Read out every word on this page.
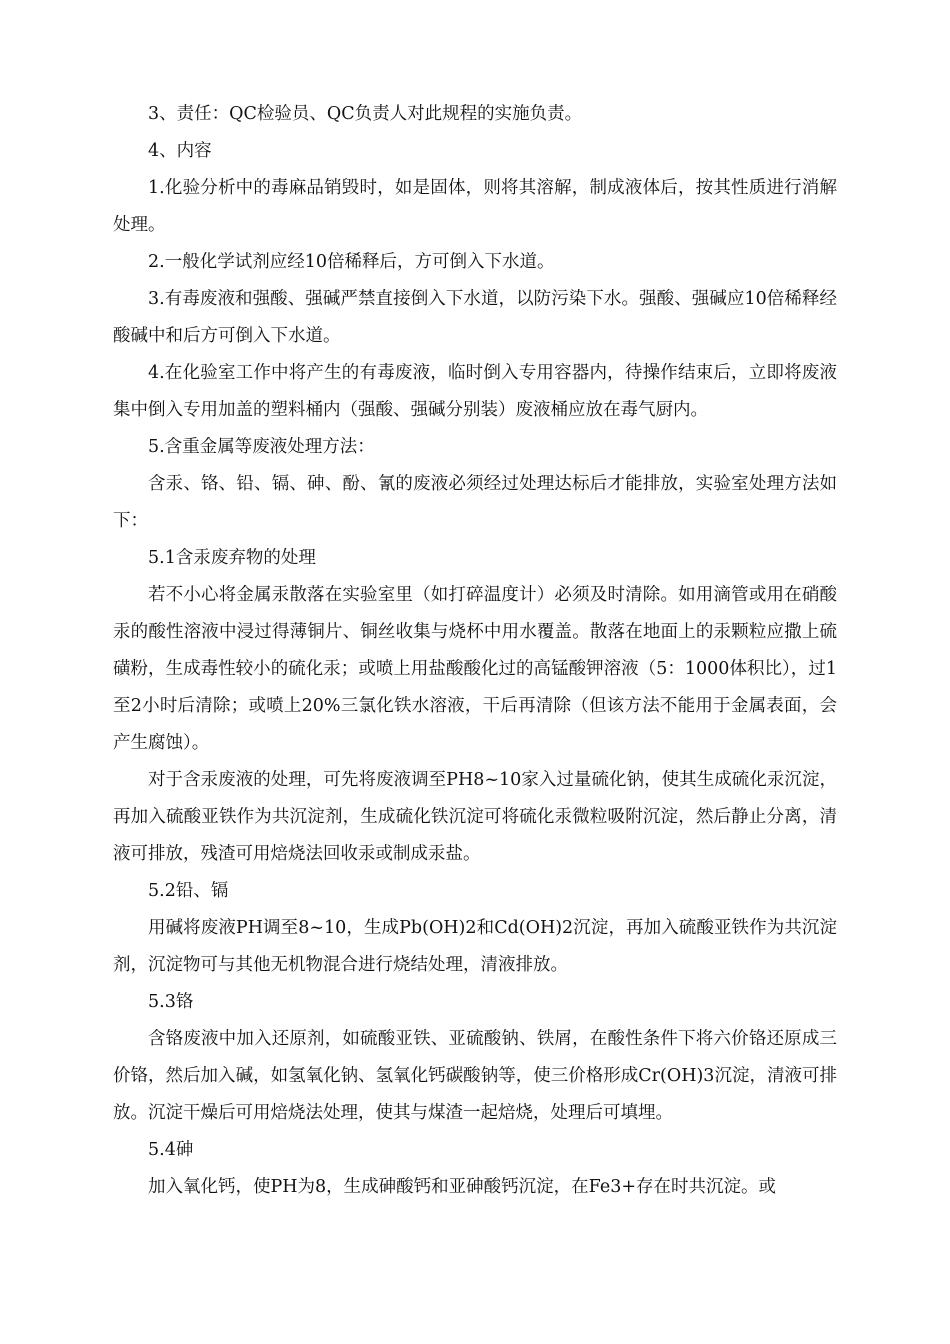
3、责任：QC检验员、QC负责人对此规程的实施负责。

4、内容

1.化验分析中的毒麻品销毁时，如是固体，则将其溶解，制成液体后，按其性质进行消解处理。

2.一般化学试剂应经10倍稀释后，方可倒入下水道。

3.有毒废液和强酸、强碱严禁直接倒入下水道，以防污染下水。强酸、强碱应10倍稀释经酸碱中和后方可倒入下水道。

4.在化验室工作中将产生的有毒废液，临时倒入专用容器内，待操作结束后，立即将废液集中倒入专用加盖的塑料桶内（强酸、强碱分别装）废液桶应放在毒气厨内。

5.含重金属等废液处理方法：

含汞、铬、铅、镉、砷、酚、氰的废液必须经过处理达标后才能排放，实验室处理方法如下：

5.1含汞废弃物的处理

若不小心将金属汞散落在实验室里（如打碎温度计）必须及时清除。如用滴管或用在硝酸汞的酸性溶液中浸过得薄铜片、铜丝收集与烧杯中用水覆盖。散落在地面上的汞颗粒应撒上硫磺粉，生成毒性较小的硫化汞；或喷上用盐酸酸化过的高锰酸钾溶液（5：1000体积比），过1至2小时后清除；或喷上20%三氯化铁水溶液，干后再清除（但该方法不能用于金属表面，会产生腐蚀）。

对于含汞废液的处理，可先将废液调至PH8~10家入过量硫化钠，使其生成硫化汞沉淀，再加入硫酸亚铁作为共沉淀剂，生成硫化铁沉淀可将硫化汞微粒吸附沉淀，然后静止分离，清液可排放，残渣可用焙烧法回收汞或制成汞盐。

5.2铅、镉

用碱将废液PH调至8~10，生成Pb(OH)2和Cd(OH)2沉淀，再加入硫酸亚铁作为共沉淀剂，沉淀物可与其他无机物混合进行烧结处理，清液排放。

5.3铬

含铬废液中加入还原剂，如硫酸亚铁、亚硫酸钠、铁屑，在酸性条件下将六价铬还原成三价铬，然后加入碱，如氢氧化钠、氢氧化钙碳酸钠等，使三价格形成Cr(OH)3沉淀，清液可排放。沉淀干燥后可用焙烧法处理，使其与煤渣一起焙烧，处理后可填埋。

5.4砷

加入氧化钙，使PH为8，生成砷酸钙和亚砷酸钙沉淀，在Fe3+存在时共沉淀。或
